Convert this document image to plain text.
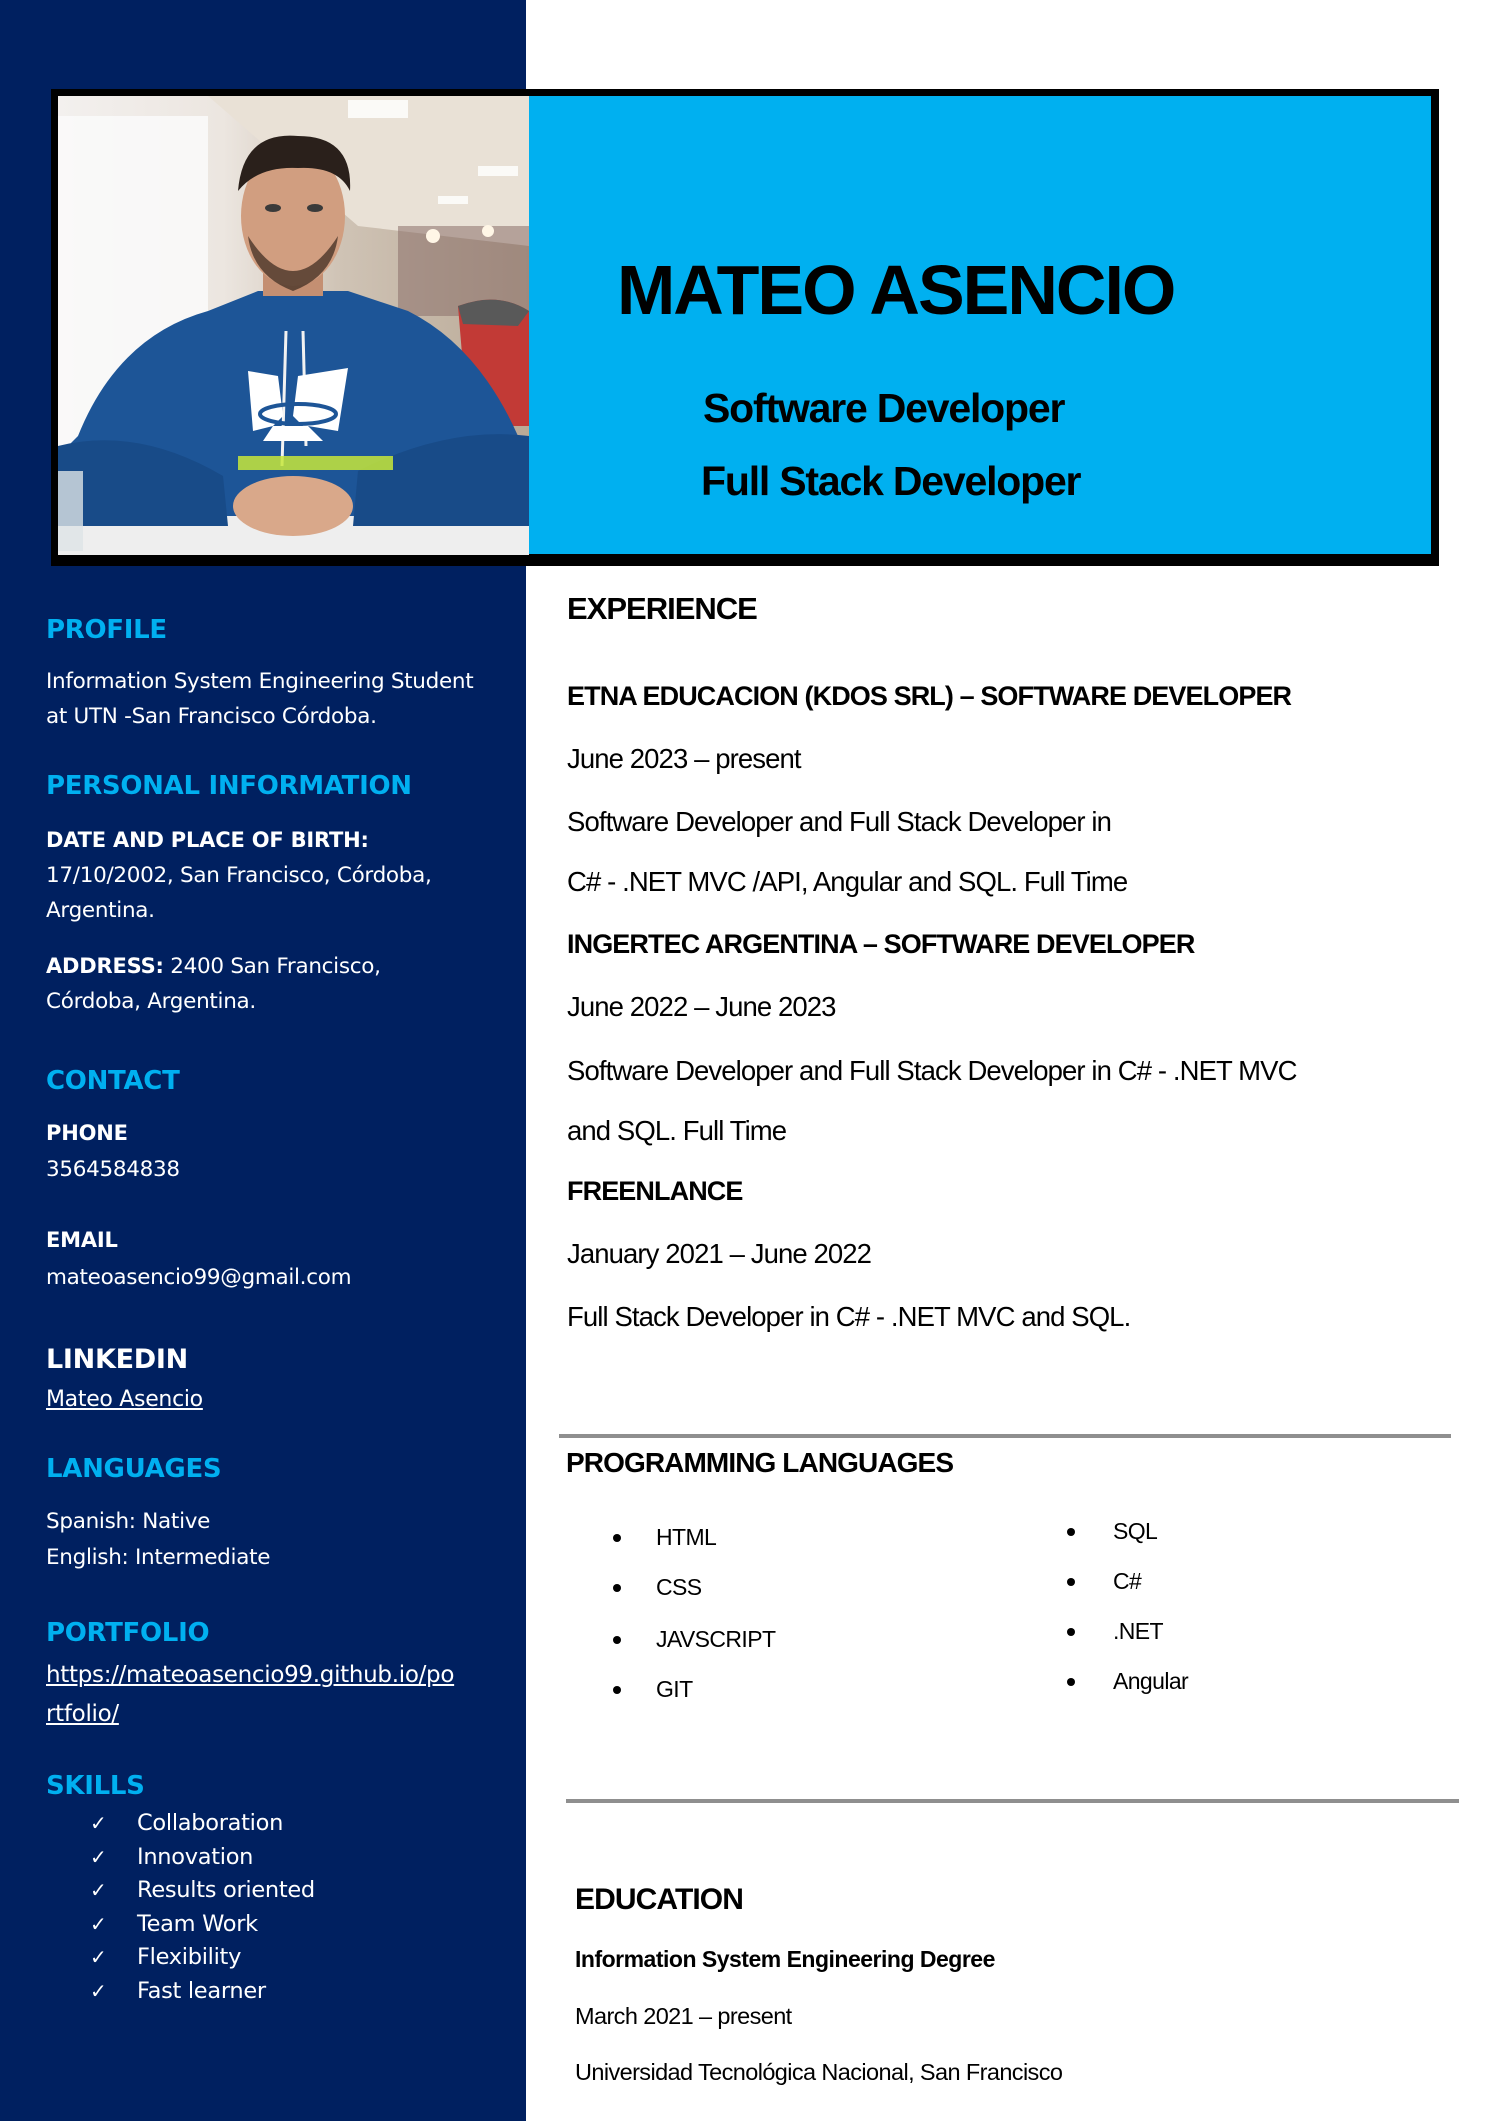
MATEO ASENCIO
Software Developer
Full Stack Developer
PROFILE
Information System Engineering Student
at UTN -San Francisco Córdoba.
PERSONAL INFORMATION
DATE AND PLACE OF BIRTH:
17/10/2002, San Francisco, Córdoba,
Argentina.
ADDRESS: 2400 San Francisco,
Córdoba, Argentina.
CONTACT
PHONE
3564584838
EMAIL
mateoasencio99@gmail.com
LINKEDIN
Mateo Asencio
LANGUAGES
Spanish: Native
English: Intermediate
PORTFOLIO
https://mateoasencio99.github.io/po
rtfolio/
SKILLS
✓ Collaboration
✓ Innovation
✓ Results oriented
✓ Team Work
✓ Flexibility
✓ Fast learner
EXPERIENCE
ETNA EDUCACION (KDOS SRL) – SOFTWARE DEVELOPER
June 2023 – present
Software Developer and Full Stack Developer in
C# - .NET MVC /API, Angular and SQL. Full Time
INGERTEC ARGENTINA – SOFTWARE DEVELOPER
June 2022 – June 2023
Software Developer and Full Stack Developer in C# - .NET MVC
and SQL. Full Time
FREENLANCE
January 2021 – June 2022
Full Stack Developer in C# - .NET MVC and SQL.
PROGRAMMING LANGUAGES
HTML
CSS
JAVSCRIPT
GIT
SQL
C#
.NET
Angular
EDUCATION
Information System Engineering Degree
March 2021 – present
Universidad Tecnológica Nacional, San Francisco
